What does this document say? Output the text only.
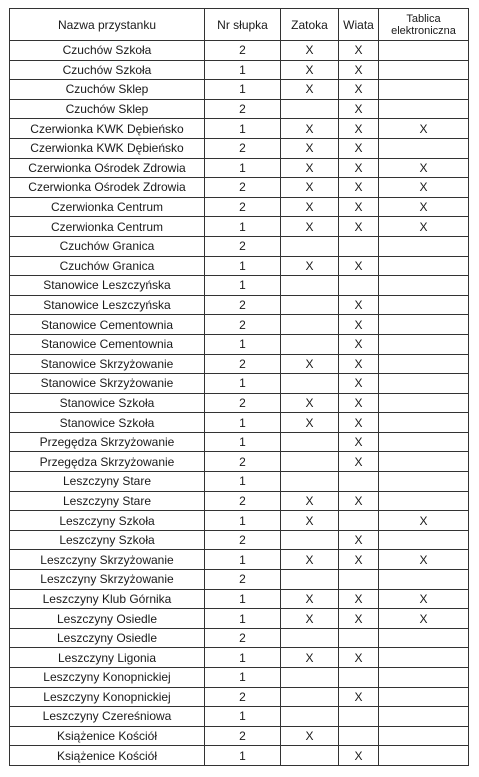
Nazwa przystanku	Nr słupka	Zatoka	Wiata	Tablica elektroniczna
Czuchów Szkoła	2	X	X	
Czuchów Szkoła	1	X	X	
Czuchów Sklep	1	X	X	
Czuchów Sklep	2		X	
Czerwionka KWK Dębieńsko	1	X	X	X
Czerwionka KWK Dębieńsko	2	X	X	
Czerwionka Ośrodek Zdrowia	1	X	X	X
Czerwionka Ośrodek Zdrowia	2	X	X	X
Czerwionka Centrum	2	X	X	X
Czerwionka Centrum	1	X	X	X
Czuchów Granica	2			
Czuchów Granica	1	X	X	
Stanowice Leszczyńska	1			
Stanowice Leszczyńska	2		X	
Stanowice Cementownia	2		X	
Stanowice Cementownia	1		X	
Stanowice Skrzyżowanie	2	X	X	
Stanowice Skrzyżowanie	1		X	
Stanowice Szkoła	2	X	X	
Stanowice Szkoła	1	X	X	
Przegędza Skrzyżowanie	1		X	
Przegędza Skrzyżowanie	2		X	
Leszczyny Stare	1			
Leszczyny Stare	2	X	X	
Leszczyny Szkoła	1	X		X
Leszczyny Szkoła	2		X	
Leszczyny Skrzyżowanie	1	X	X	X
Leszczyny Skrzyżowanie	2			
Leszczyny Klub Górnika	1	X	X	X
Leszczyny Osiedle	1	X	X	X
Leszczyny Osiedle	2			
Leszczyny Ligonia	1	X	X	
Leszczyny Konopnickiej	1			
Leszczyny Konopnickiej	2		X	
Leszczyny Czereśniowa	1			
Książenice Kościół	2	X		
Książenice Kościół	1		X	
